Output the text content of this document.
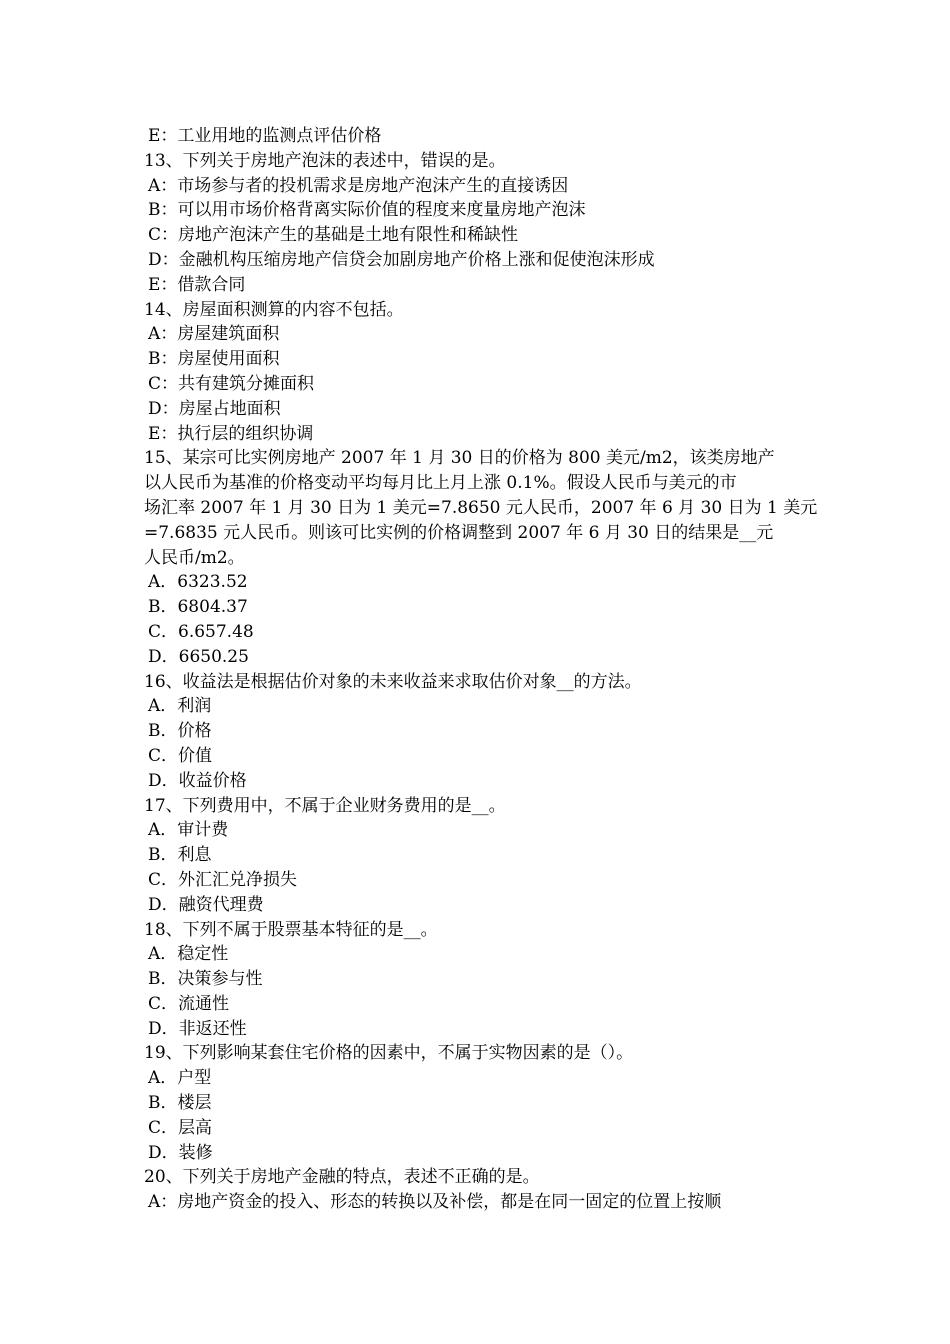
E：工业用地的监测点评估价格
13、下列关于房地产泡沫的表述中，错误的是。
A：市场参与者的投机需求是房地产泡沫产生的直接诱因
B：可以用市场价格背离实际价值的程度来度量房地产泡沫
C：房地产泡沫产生的基础是土地有限性和稀缺性
D：金融机构压缩房地产信贷会加剧房地产价格上涨和促使泡沫形成
E：借款合同
14、房屋面积测算的内容不包括。
A：房屋建筑面积
B：房屋使用面积
C：共有建筑分摊面积
D：房屋占地面积
E：执行层的组织协调
15、某宗可比实例房地产 2007 年 1 月 30 日的价格为 800 美元/m2，该类房地产
以人民币为基准的价格变动平均每月比上月上涨 0.1%。假设人民币与美元的市
场汇率 2007 年 1 月 30 日为 1 美元=7.8650 元人民币，2007 年 6 月 30 日为 1 美元
=7.6835 元人民币。则该可比实例的价格调整到 2007 年 6 月 30 日的结果是__元
人民币/m2。
A．6323.52
B．6804.37
C．6.657.48
D．6650.25
16、收益法是根据估价对象的未来收益来求取估价对象__的方法。
A．利润
B．价格
C．价值
D．收益价格
17、下列费用中，不属于企业财务费用的是__。
A．审计费
B．利息
C．外汇汇兑净损失
D．融资代理费
18、下列不属于股票基本特征的是__。
A．稳定性
B．决策参与性
C．流通性
D．非返还性
19、下列影响某套住宅价格的因素中，不属于实物因素的是（）。
A．户型
B．楼层
C．层高
D．装修
20、下列关于房地产金融的特点，表述不正确的是。
A：房地产资金的投入、形态的转换以及补偿，都是在同一固定的位置上按顺
